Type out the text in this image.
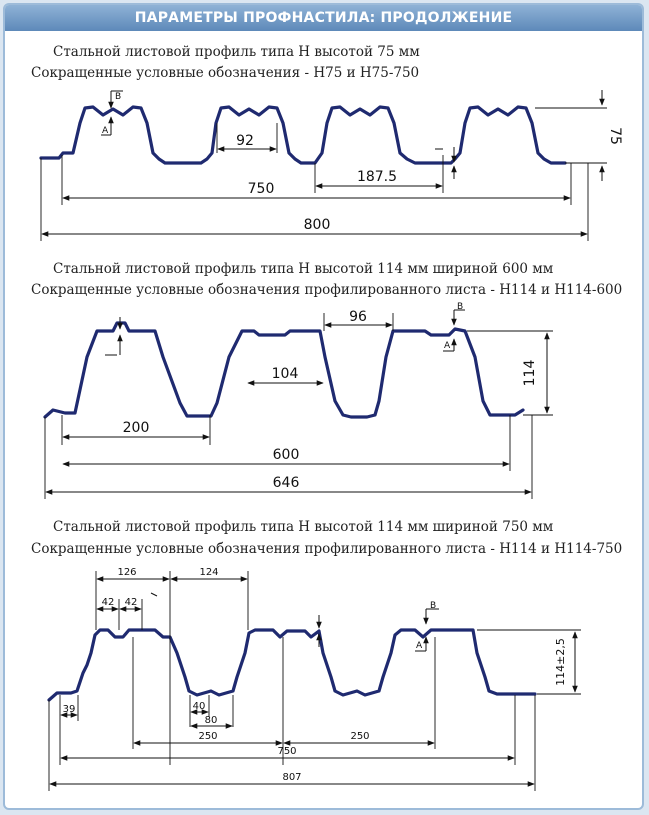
ПАРАМЕТРЫ ПРОФНАСТИЛА: ПРОДОЛЖЕНИЕ
Стальной листовой профиль типа Н высотой 75 мм
Сокращенные условные обозначения - Н75 и Н75-750
Стальной листовой профиль типа Н высотой 114 мм шириной 600 мм
Сокращенные условные обозначения профилированного листа - Н114 и Н114-600
Стальной листовой профиль типа Н высотой 114 мм шириной 750 мм
Сокращенные условные обозначения профилированного листа - Н114 и Н114-750
75
92
187.5
750
800
B
A
114
96
104
200
600
646
B
A
114±2,5
126	124
42 42
39	40
80
250	250
750
807
B
A
